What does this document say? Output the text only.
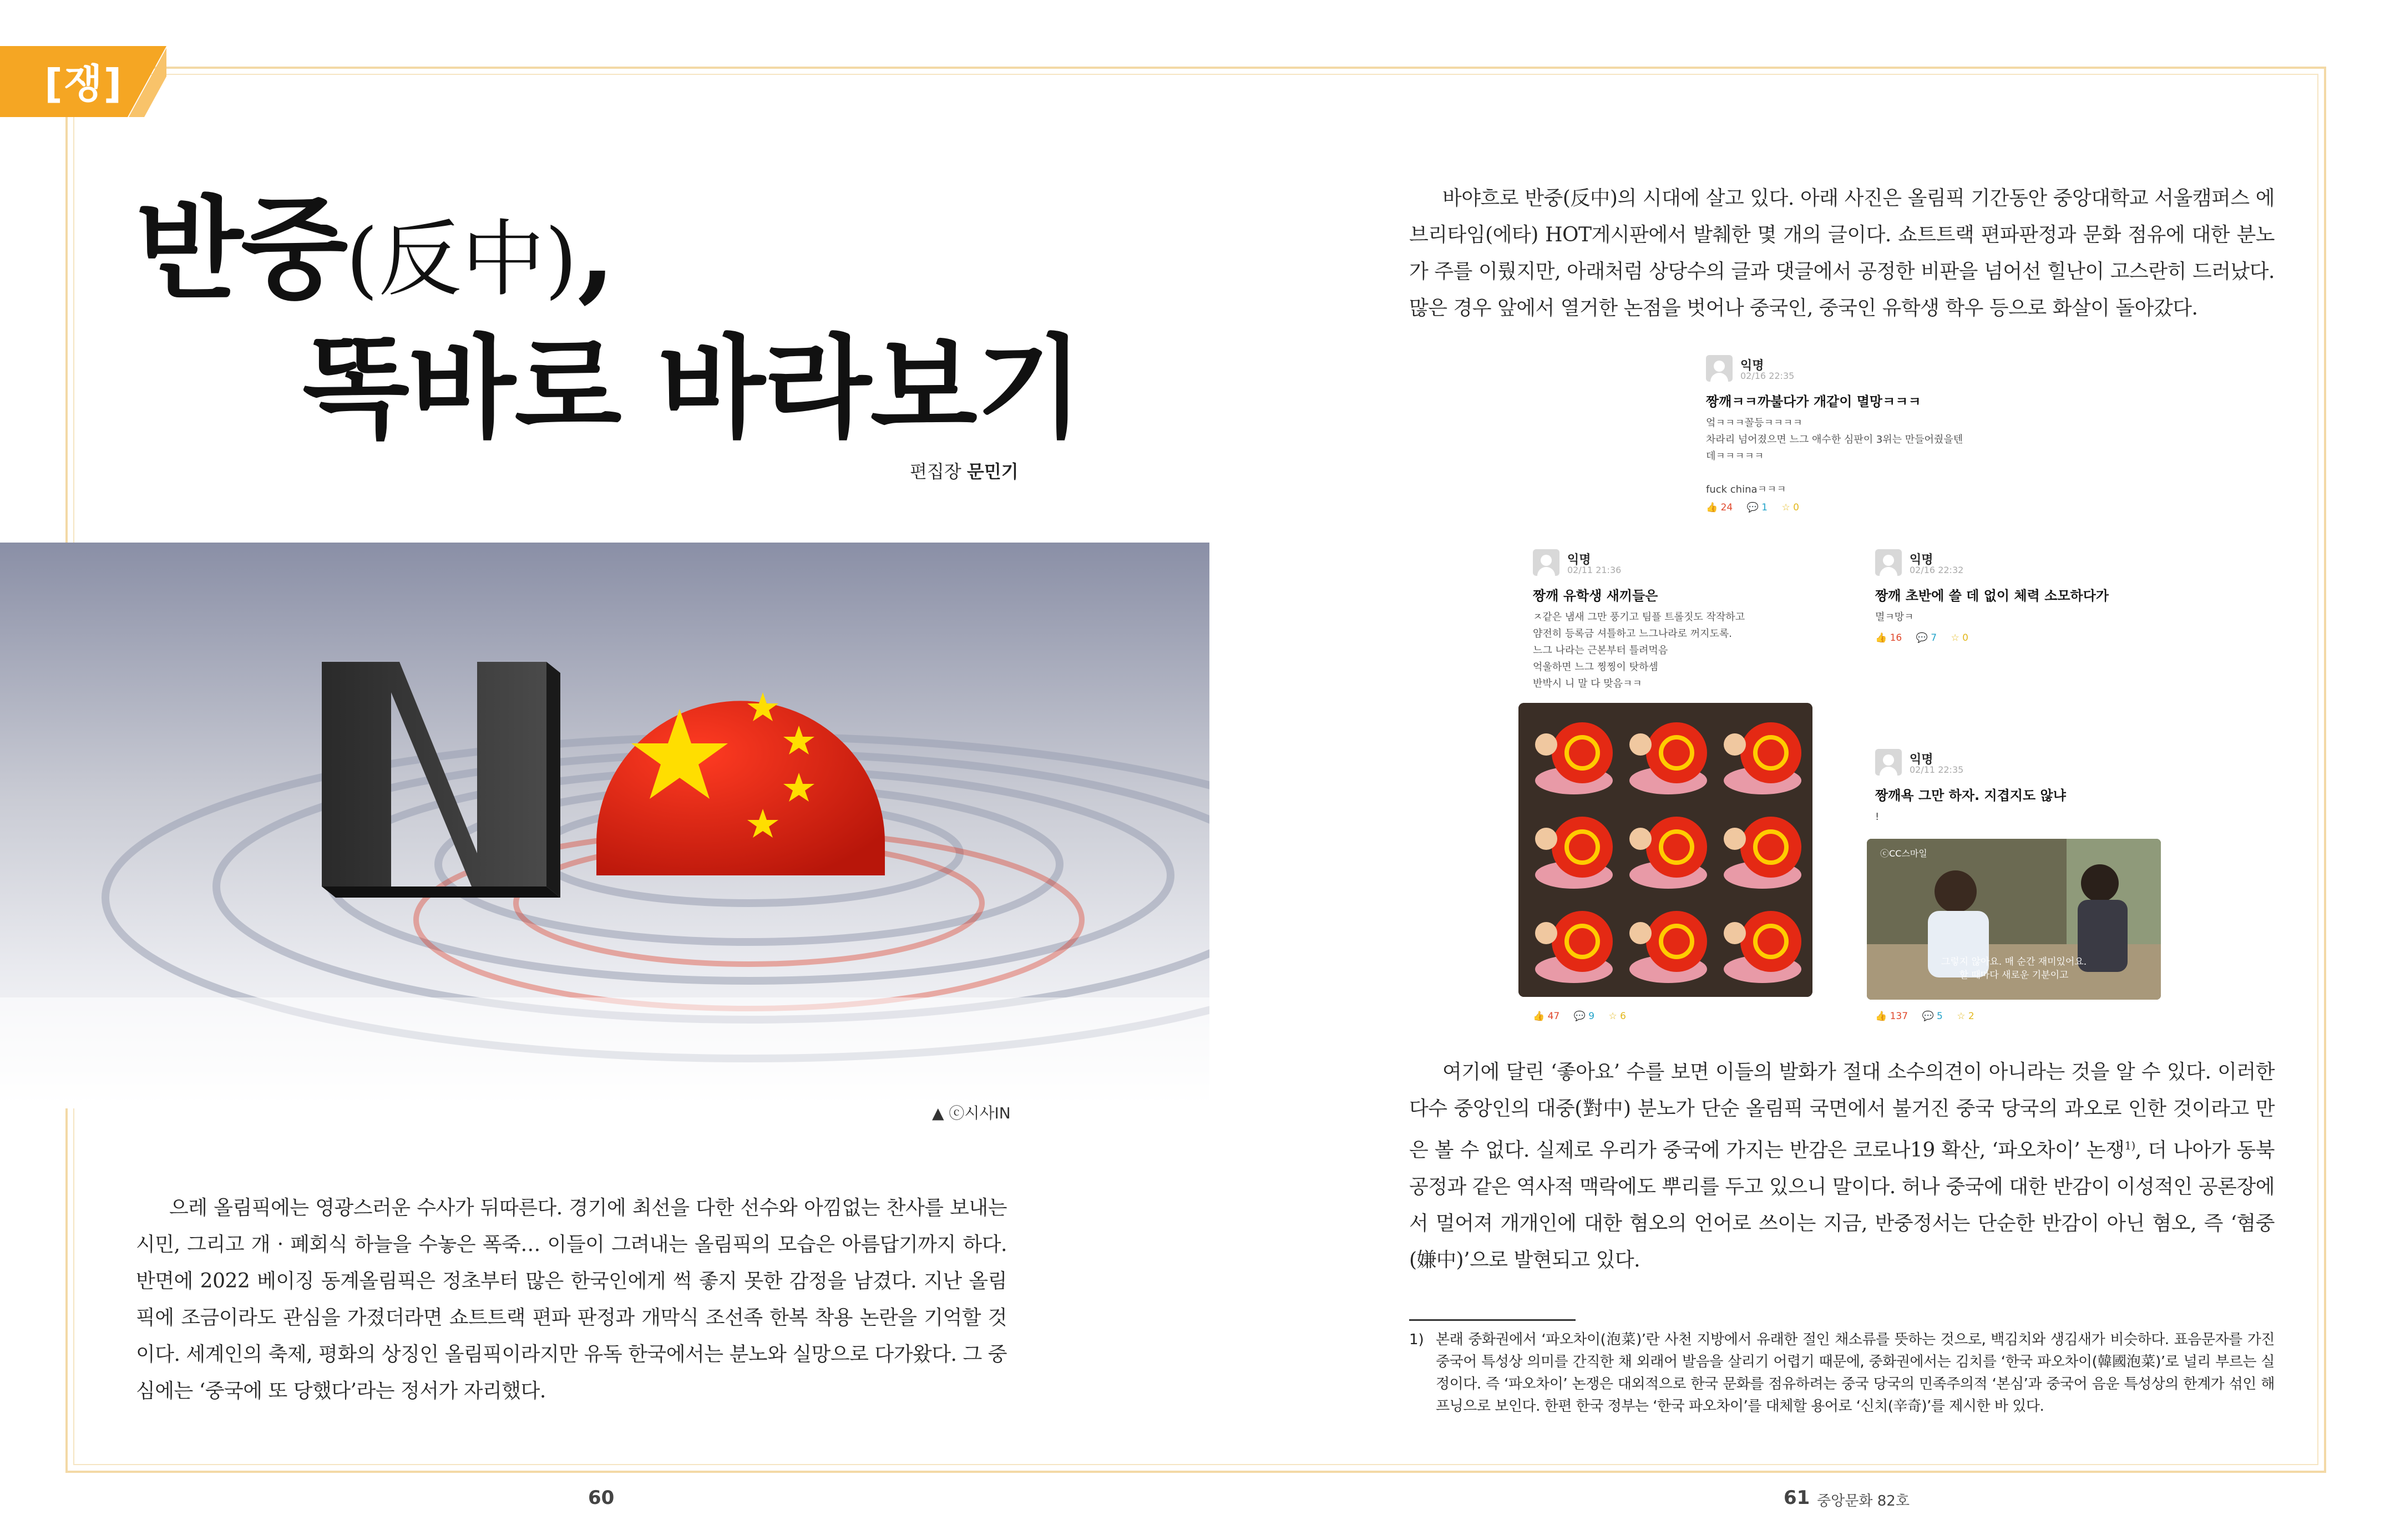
[쟁]
반중(反中),
똑바로 바라보기
편집장 문민기
▲ ⓒ시사IN

으레 올림픽에는 영광스러운 수사가 뒤따른다. 경기에 최선을 다한 선수와 아낌없는 찬사를 보내는 시민, 그리고 개 · 폐회식 하늘을 수놓은 폭죽… 이들이 그려내는 올림픽의 모습은 아름답기까지 하다. 반면에 2022 베이징 동계올림픽은 정초부터 많은 한국인에게 썩 좋지 못한 감정을 남겼다. 지난 올림픽에 조금이라도 관심을 가졌더라면 쇼트트랙 편파 판정과 개막식 조선족 한복 착용 논란을 기억할 것이다. 세계인의 축제, 평화의 상징인 올림픽이라지만 유독 한국에서는 분노와 실망으로 다가왔다. 그 중심에는 ‘중국에 또 당했다’라는 정서가 자리했다.

바야흐로 반중(反中)의 시대에 살고 있다. 아래 사진은 올림픽 기간동안 중앙대학교 서울캠퍼스 에브리타임(에타) HOT게시판에서 발췌한 몇 개의 글이다. 쇼트트랙 편파판정과 문화 점유에 대한 분노가 주를 이뤘지만, 아래처럼 상당수의 글과 댓글에서 공정한 비판을 넘어선 힐난이 고스란히 드러났다. 많은 경우 앞에서 열거한 논점을 벗어나 중국인, 중국인 유학생 학우 등으로 화살이 돌아갔다.

익명
02/16 22:35
짱깨ㅋㅋ까불다가 개같이 멸망ㅋㅋㅋ
엌ㅋㅋㅋ꼴등ㅋㅋㅋㅋ
차라리 넘어졌으면 느그 애수한 심판이 3위는 만들어줬을텐
데ㅋㅋㅋㅋㅋ

fuck chinaㅋㅋㅋ
👍 24 💬 1 ☆ 0
익명
02/11 21:36
짱깨 유학생 새끼들은
ㅈ같은 냄새 그만 풍기고 팀플 트롤짓도 작작하고
얌전히 등록금 셔틀하고 느그나라로 꺼지도록.
느그 나라는 근본부터 틀려먹음
억울하면 느그 찡찡이 탓하셈
반박시 니 말 다 맞음ㅋㅋ
👍 47 💬 9 ☆ 6
익명
02/16 22:32
짱깨 초반에 쓸 데 없이 체력 소모하다가
멸ㅋ망ㅋ
👍 16 💬 7 ☆ 0
익명
02/11 22:35
짱깨욕 그만 하자. 지겹지도 않냐
!
👍 137 💬 5 ☆ 2
ⓒCC스마일
그렇지 않아요. 매 순간 재미있어요.
할 때마다 새로운 기분이고

여기에 달린 ‘좋아요’ 수를 보면 이들의 발화가 절대 소수의견이 아니라는 것을 알 수 있다. 이러한 다수 중앙인의 대중(對中) 분노가 단순 올림픽 국면에서 불거진 중국 당국의 과오로 인한 것이라고 만은 볼 수 없다. 실제로 우리가 중국에 가지는 반감은 코로나19 확산, ‘파오차이’ 논쟁$^{1)}$, 더 나아가 동북공정과 같은 역사적 맥락에도 뿌리를 두고 있으니 말이다. 허나 중국에 대한 반감이 이성적인 공론장에서 멀어져 개개인에 대한 혐오의 언어로 쓰이는 지금, 반중정서는 단순한 반감이 아닌 혐오, 즉 ‘혐중(嫌中)’으로 발현되고 있다.

1) 본래 중화권에서 ‘파오차이(泡菜)’란 사천 지방에서 유래한 절인 채소류를 뜻하는 것으로, 백김치와 생김새가 비슷하다. 표음문자를 가진 중국어 특성상 의미를 간직한 채 외래어 발음을 살리기 어렵기 때문에, 중화권에서는 김치를 ‘한국 파오차이(韓國泡菜)’로 널리 부르는 실정이다. 즉 ‘파오차이’ 논쟁은 대외적으로 한국 문화를 점유하려는 중국 당국의 민족주의적 ‘본심’과 중국어 음운 특성상의 한계가 섞인 해프닝으로 보인다. 한편 한국 정부는 ‘한국 파오차이’를 대체할 용어로 ‘신치(辛奇)’를 제시한 바 있다.
60	61 중앙문화 82호
